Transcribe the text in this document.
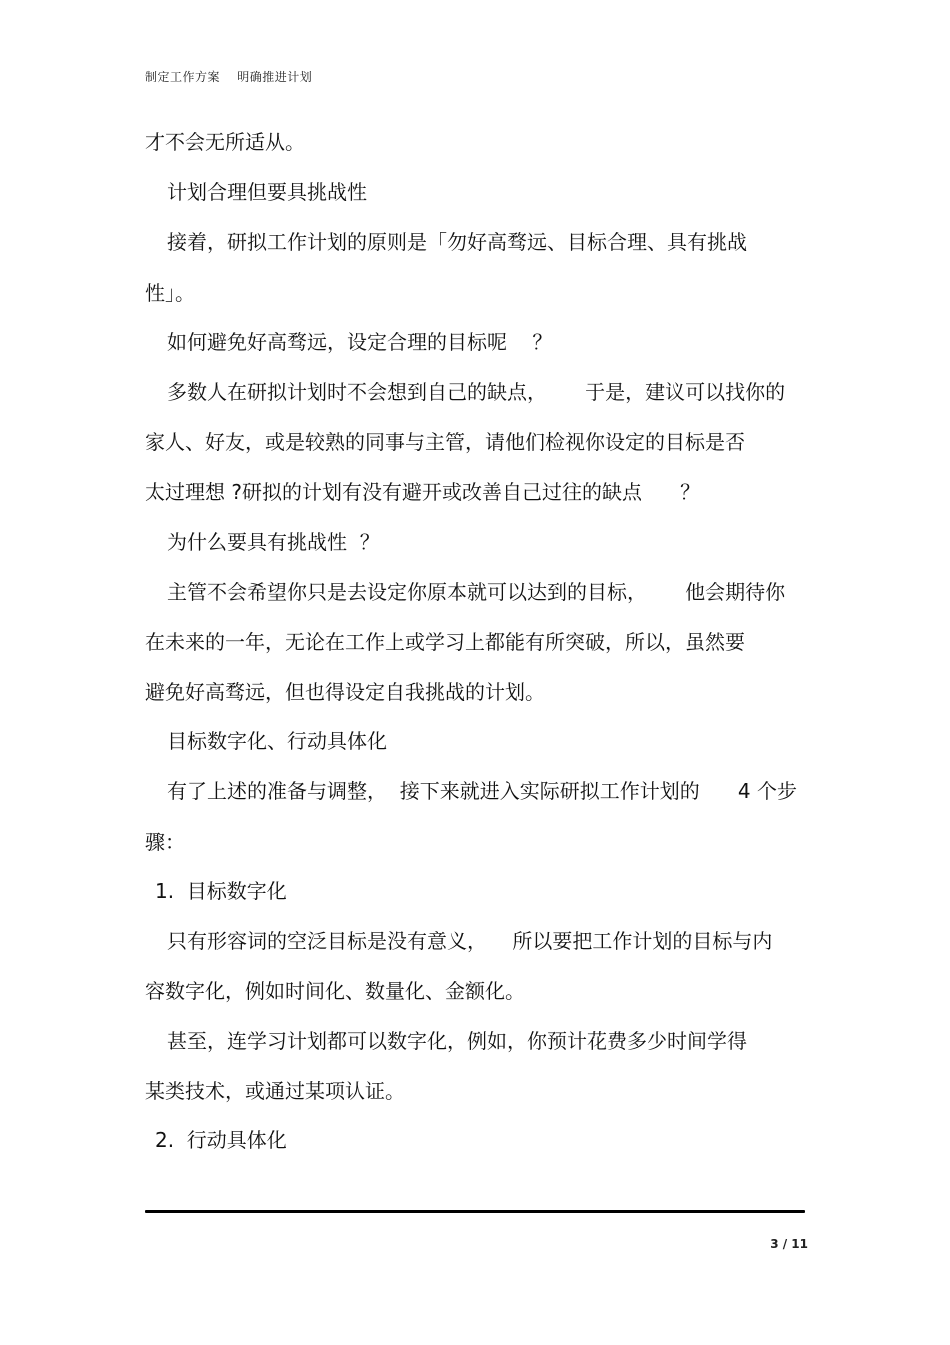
制定工作方案    明确推进计划
才不会无所适从。
计划合理但要具挑战性
接着，研拟工作计划的原则是「勿好高骛远、目标合理、具有挑战
性」。
如何避免好高骛远，设定合理的目标呢    ？
多数人在研拟计划时不会想到自己的缺点，      于是，建议可以找你的
家人、好友，或是较熟的同事与主管，请他们检视你设定的目标是否
太过理想 ?研拟的计划有没有避开或改善自己过往的缺点      ？
为什么要具有挑战性  ？
主管不会希望你只是去设定你原本就可以达到的目标，      他会期待你
在未来的一年，无论在工作上或学习上都能有所突破，所以，虽然要
避免好高骛远，但也得设定自我挑战的计划。
目标数字化、行动具体化
有了上述的准备与调整，  接下来就进入实际研拟工作计划的      4 个步
骤：
1.  目标数字化
只有形容词的空泛目标是没有意义，    所以要把工作计划的目标与内
容数字化，例如时间化、数量化、金额化。
甚至，连学习计划都可以数字化，例如，你预计花费多少时间学得
某类技术，或通过某项认证。
2.  行动具体化
3 / 11
